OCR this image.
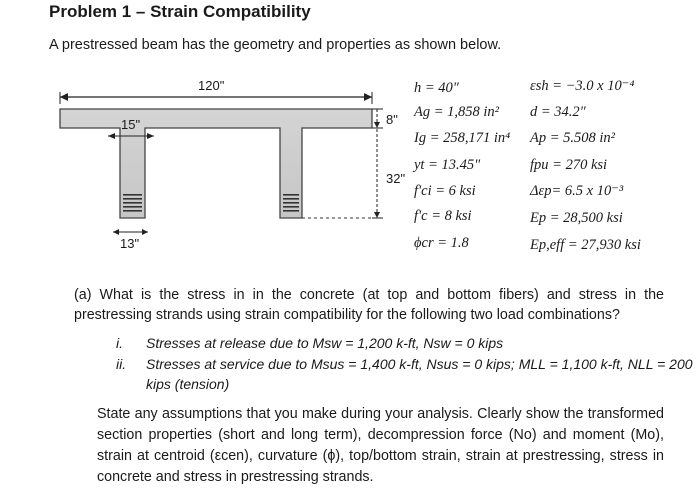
Problem 1 – Strain Compatibility
A prestressed beam has the geometry and properties as shown below.
120"
15"
13"
8"
32"
h = 40"
Ag = 1,858 in²
Ig = 258,171 in⁴
yt = 13.45"
f'ci = 6 ksi
f'c = 8 ksi
ϕcr = 1.8
εsh = −3.0 x 10⁻⁴
d = 34.2"
Ap = 5.508 in²
fpu = 270 ksi
Δεp= 6.5 x 10⁻³
Ep = 28,500 ksi
Ep,eff = 27,930 ksi
(a) What is the stress in in the concrete (at top and bottom fibers) and stress in the prestressing strands using strain compatibility for the following two load combinations?
i. Stresses at release due to Msw = 1,200 k-ft, Nsw = 0 kips
ii. Stresses at service due to Msus = 1,400 k-ft, Nsus = 0 kips; MLL = 1,100 k-ft, NLL = 200 kips (tension)
State any assumptions that you make during your analysis. Clearly show the transformed section properties (short and long term), decompression force (No) and moment (Mo), strain at centroid (εcen), curvature (ϕ), top/bottom strain, strain at prestressing, stress in concrete and stress in prestressing strands.
